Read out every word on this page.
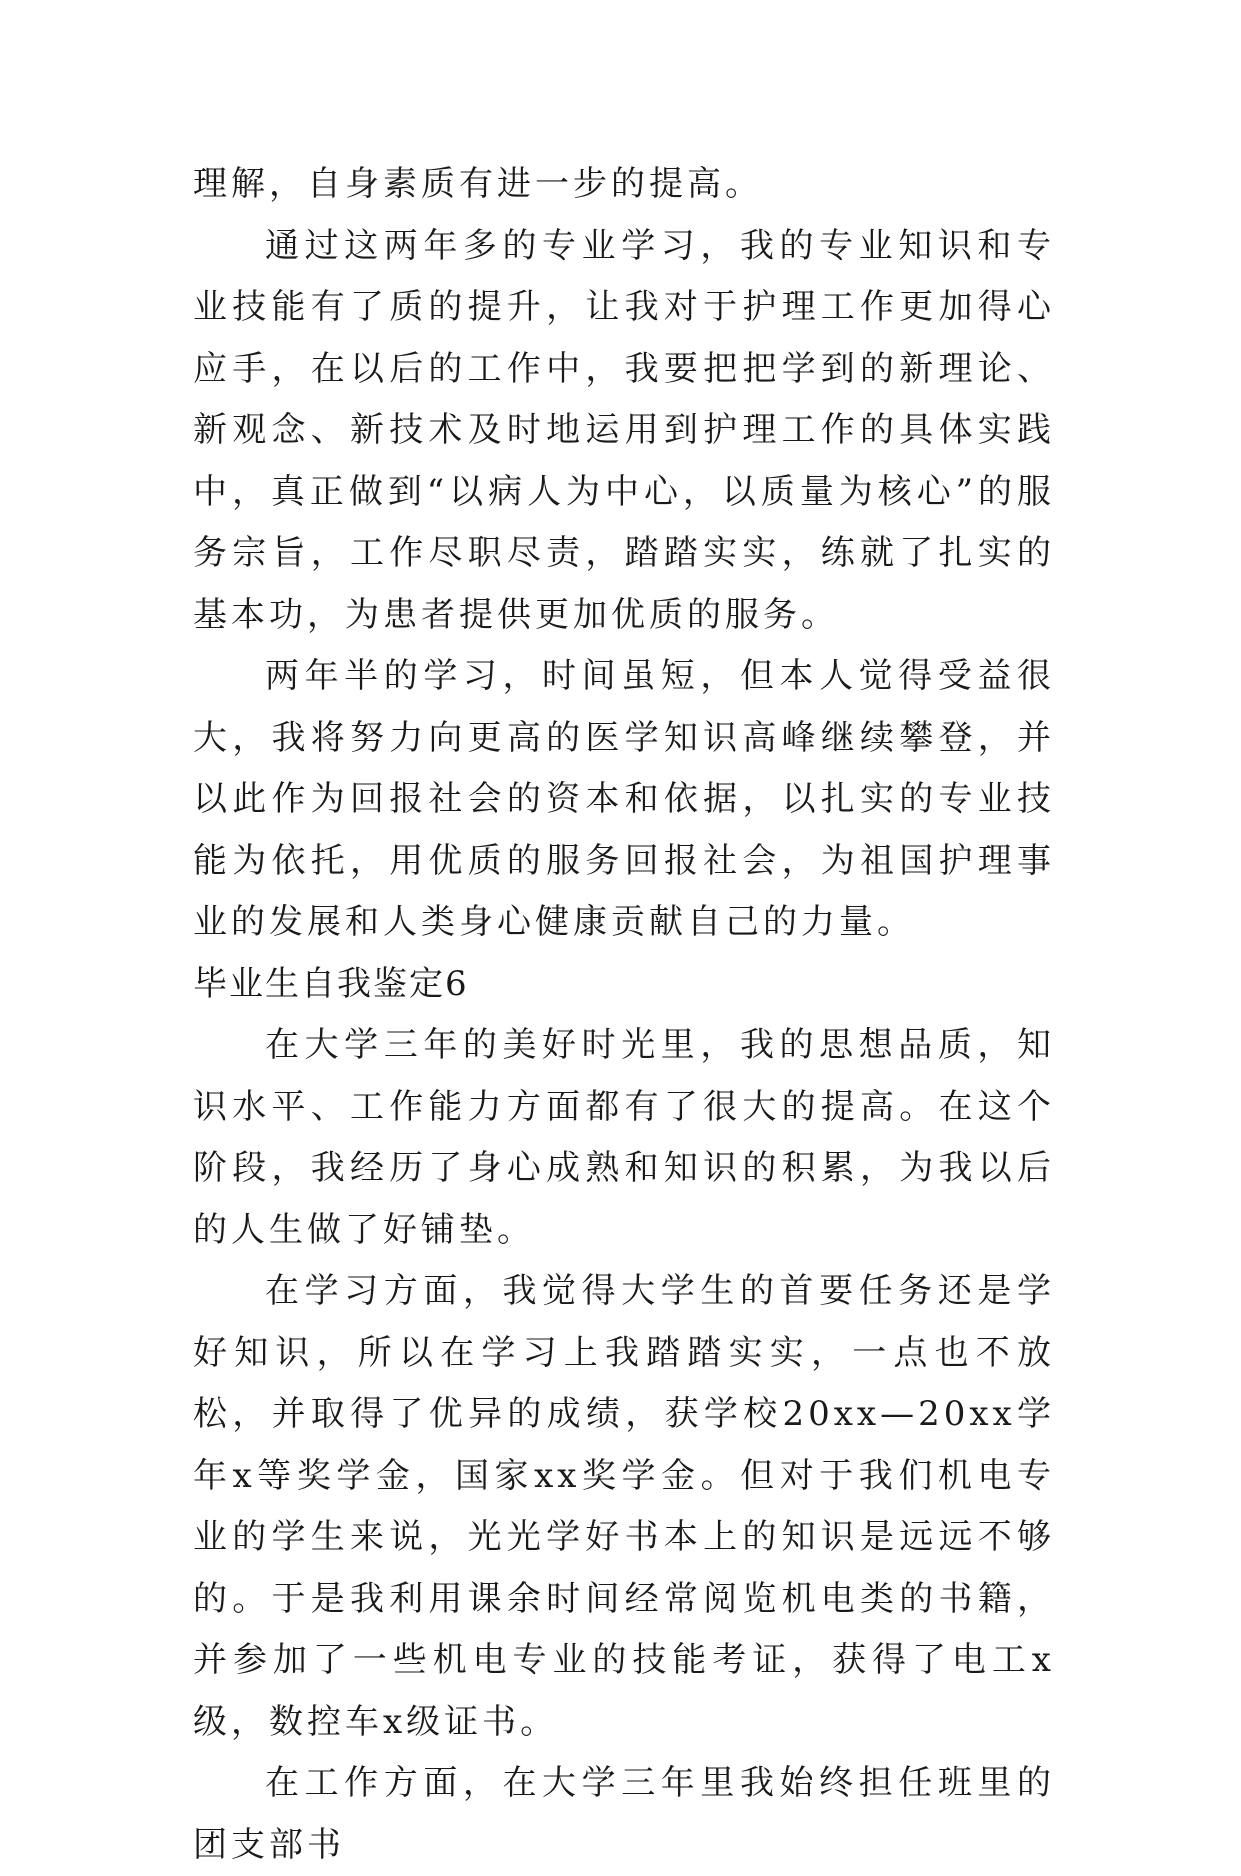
理解，自身素质有进一步的提高。

通过这两年多的专业学习，我的专业知识和专业技能有了质的提升，让我对于护理工作更加得心应手，在以后的工作中，我要把把学到的新理论、新观念、新技术及时地运用到护理工作的具体实践中，真正做到“以病人为中心，以质量为核心”的服务宗旨，工作尽职尽责，踏踏实实，练就了扎实的基本功，为患者提供更加优质的服务。

两年半的学习，时间虽短，但本人觉得受益很大，我将努力向更高的医学知识高峰继续攀登，并以此作为回报社会的资本和依据，以扎实的专业技能为依托，用优质的服务回报社会，为祖国护理事业的发展和人类身心健康贡献自己的力量。

毕业生自我鉴定6

在大学三年的美好时光里，我的思想品质，知识水平、工作能力方面都有了很大的提高。在这个阶段，我经历了身心成熟和知识的积累，为我以后的人生做了好铺垫。

在学习方面，我觉得大学生的首要任务还是学好知识，所以在学习上我踏踏实实，一点也不放松，并取得了优异的成绩，获学校20xx—20xx学年x等奖学金，国家xx奖学金。但对于我们机电专业的学生来说，光光学好书本上的知识是远远不够的。于是我利用课余时间经常阅览机电类的书籍，并参加了一些机电专业的技能考证，获得了电工x级，数控车x级证书。

在工作方面，在大学三年里我始终担任班里的团支部书
